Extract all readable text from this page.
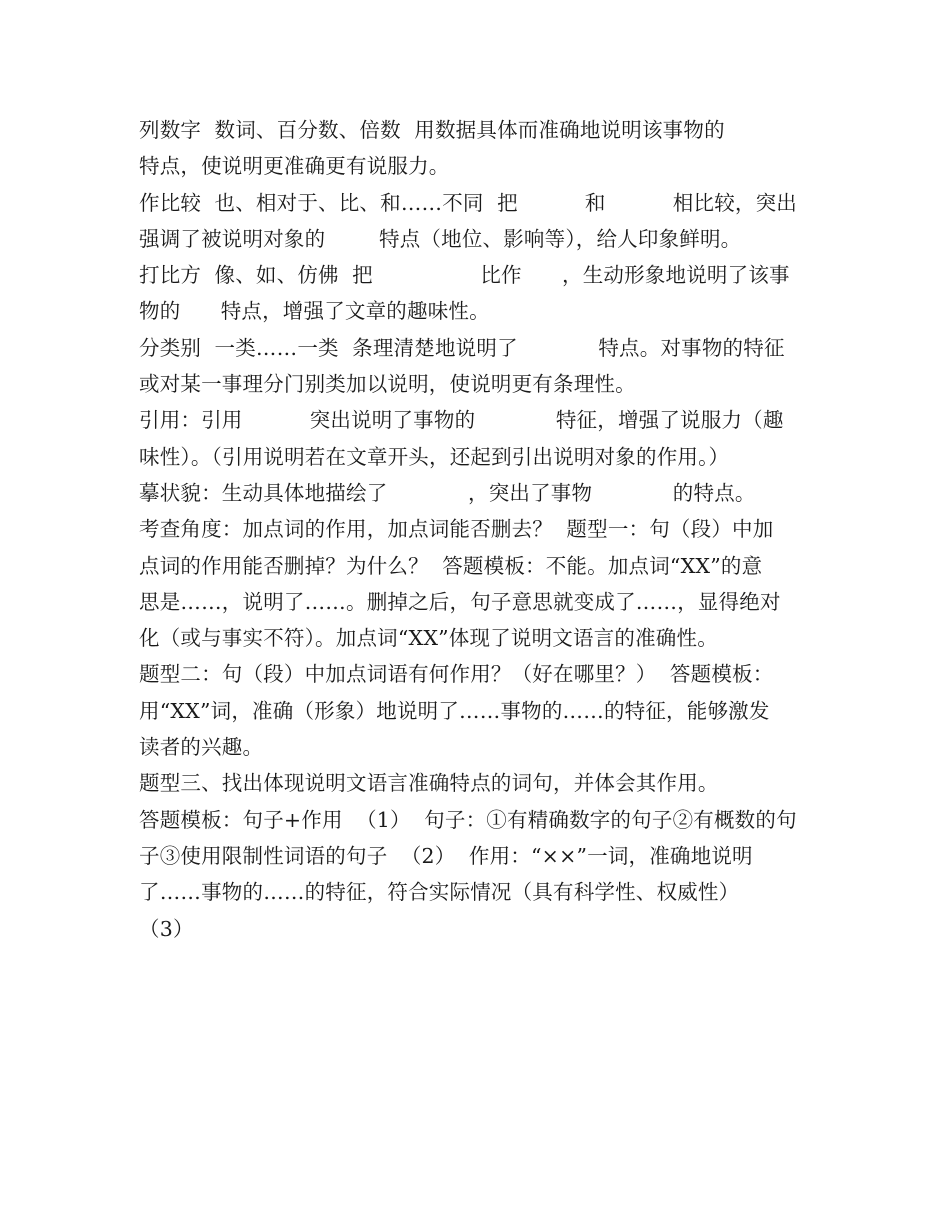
列数字  数词、百分数、倍数  用数据具体而准确地说明该事物的
特点，使说明更准确更有说服力。
作比较  也、相对于、比、和……不同  把          和          相比较，突出
强调了被说明对象的        特点（地位、影响等），给人印象鲜明。
打比方  像、如、仿佛  把                比作      ，生动形象地说明了该事
物的      特点，增强了文章的趣味性。
分类别  一类……一类  条理清楚地说明了            特点。对事物的特征
或对某一事理分门别类加以说明，使说明更有条理性。
引用：引用          突出说明了事物的            特征，增强了说服力（趣
味性）。（引用说明若在文章开头，还起到引出说明对象的作用。）
摹状貌：生动具体地描绘了            ，突出了事物            的特点。
考查角度：加点词的作用，加点词能否删去？  题型一：句（段）中加
点词的作用能否删掉？为什么？  答题模板：不能。加点词“XX”的意
思是……，说明了……。删掉之后，句子意思就变成了……，显得绝对
化（或与事实不符）。加点词“XX”体现了说明文语言的准确性。
题型二：句（段）中加点词语有何作用？（好在哪里？）  答题模板：
用“XX”词，准确（形象）地说明了……事物的……的特征，能够激发
读者的兴趣。
题型三、找出体现说明文语言准确特点的词句，并体会其作用。
答题模板：句子+作用  （1）  句子：①有精确数字的句子②有概数的句
子③使用限制性词语的句子  （2）  作用：“××”一词，准确地说明
了……事物的……的特征，符合实际情况（具有科学性、权威性）
（3）
